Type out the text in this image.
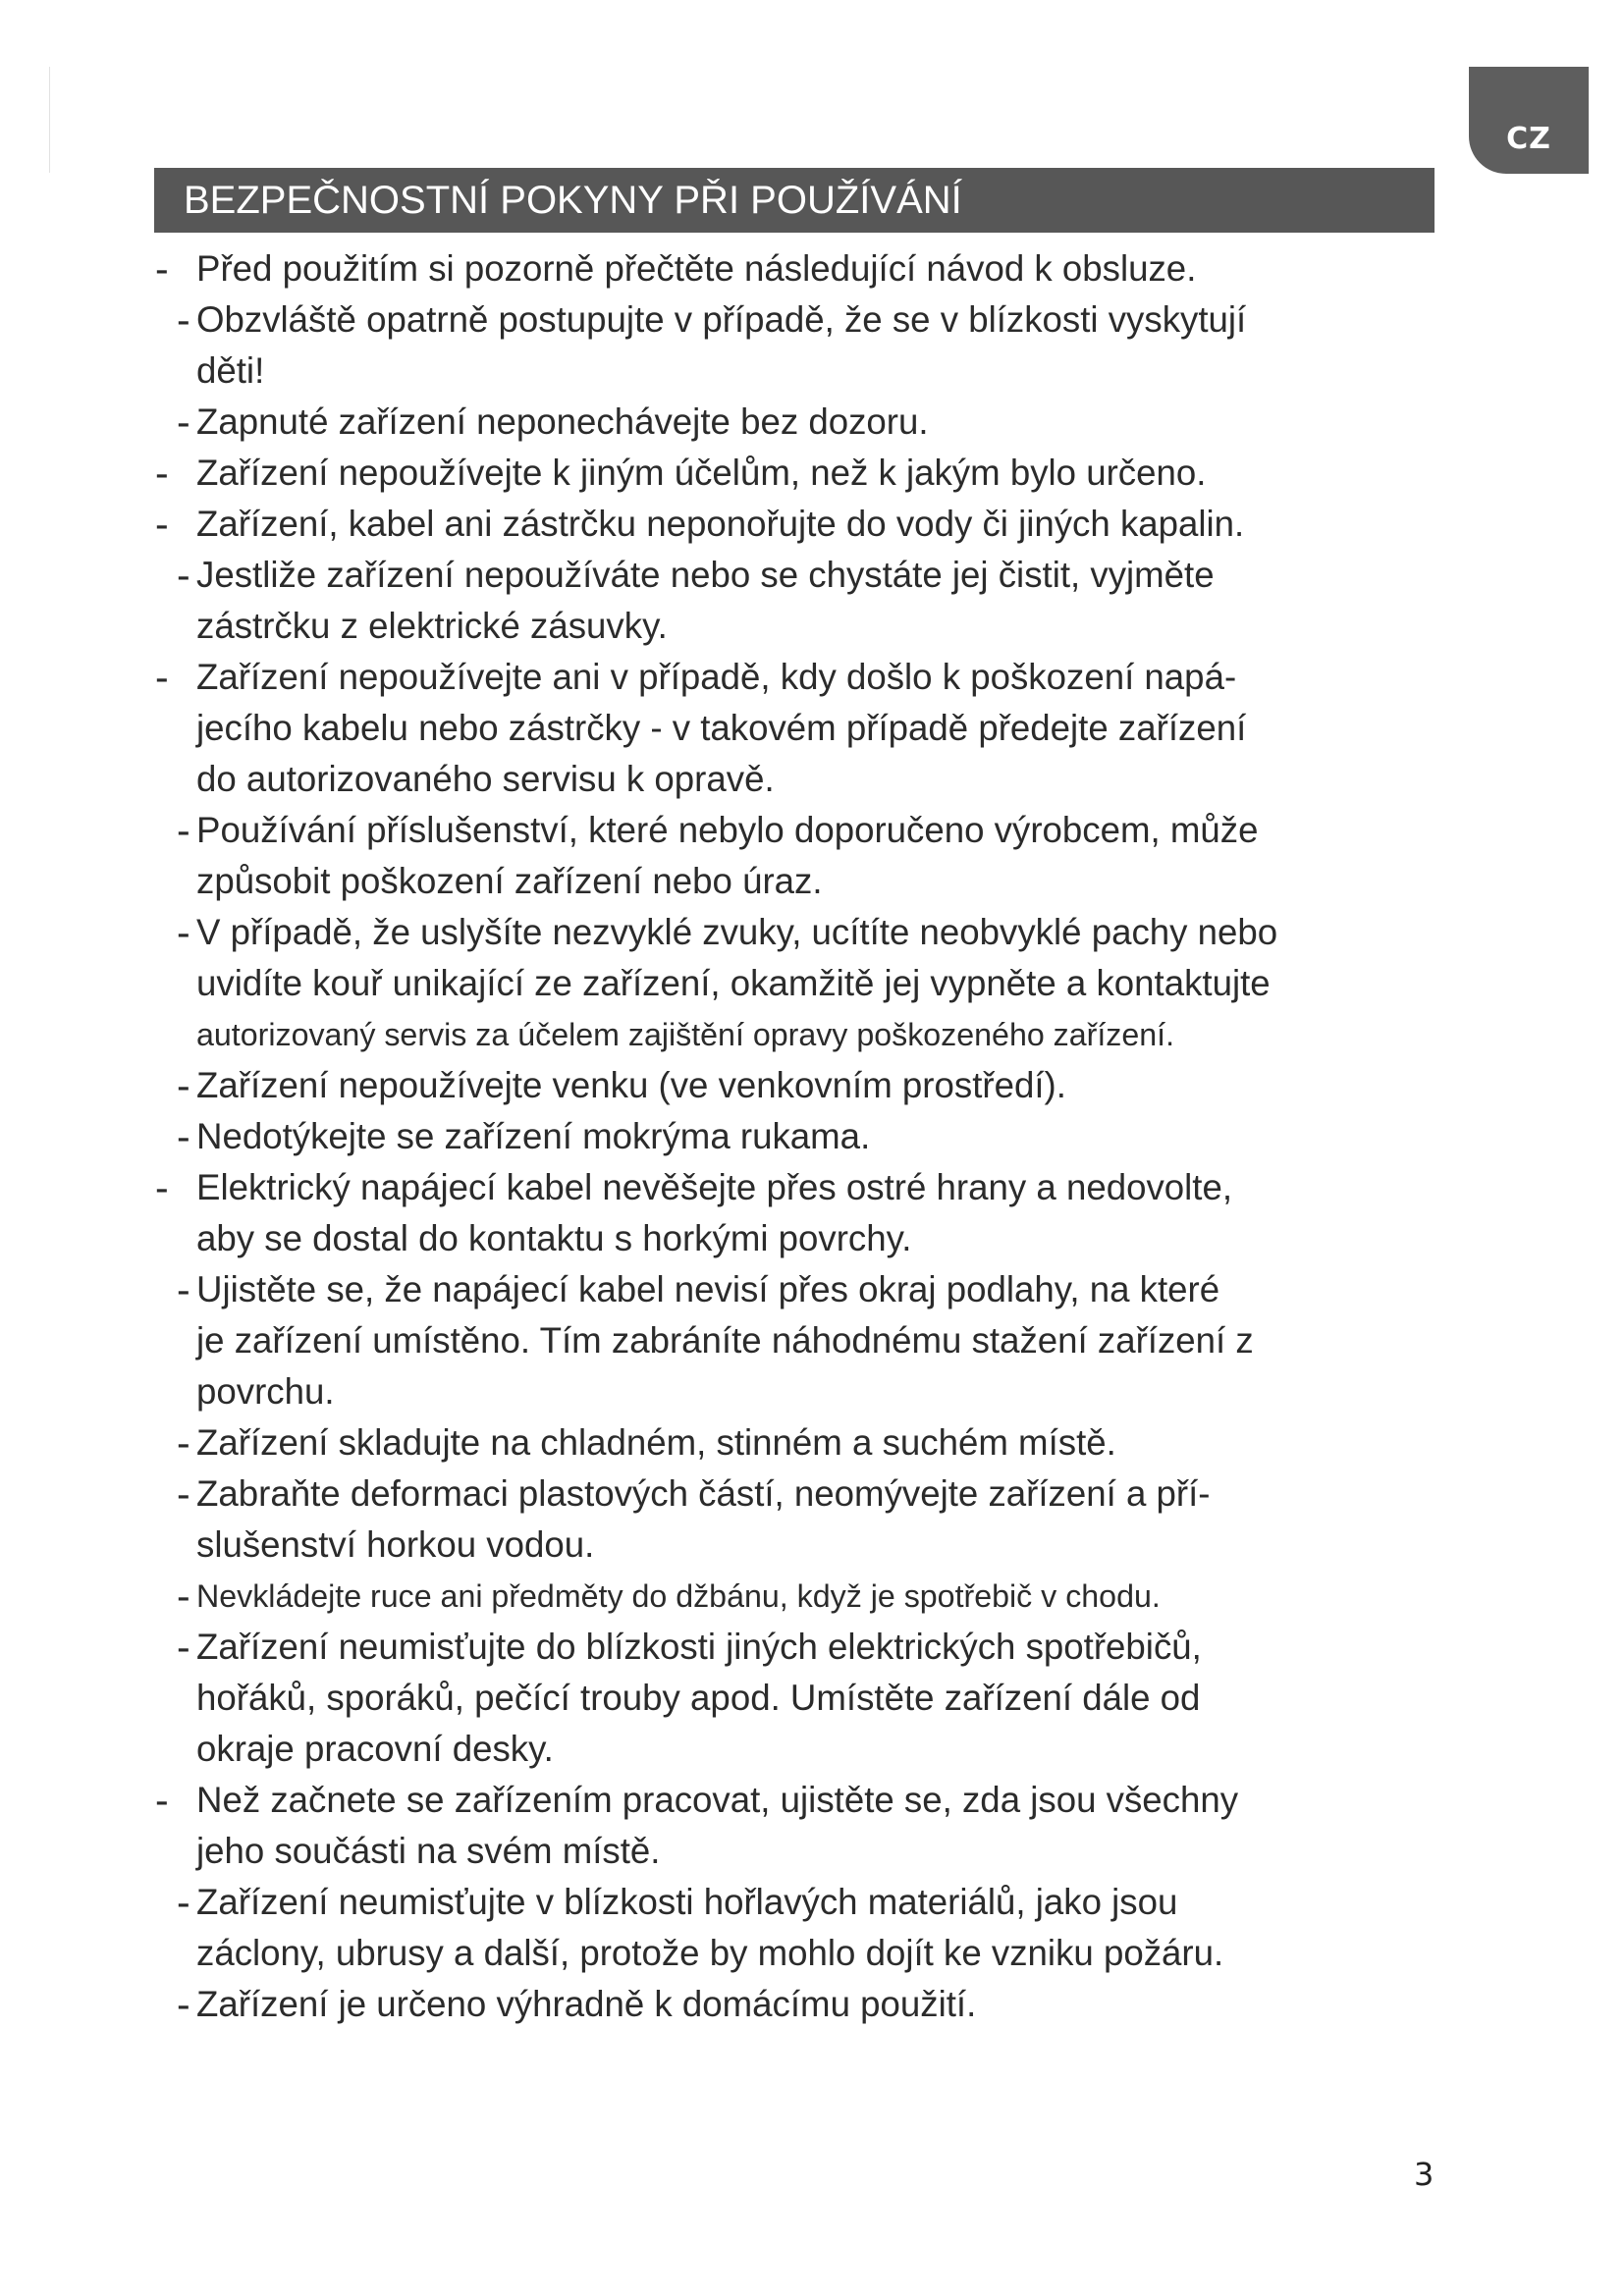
CZ
BEZPEČNOSTNÍ POKYNY PŘI POUŽÍVÁNÍ
- Před použitím si pozorně přečtěte následující návod k obsluze.
- Obzvláště opatrně postupujte v případě, že se v blízkosti vyskytují
děti!
- Zapnuté zařízení neponechávejte bez dozoru.
- Zařízení nepoužívejte k jiným účelům, než k jakým bylo určeno.
- Zařízení, kabel ani zástrčku neponořujte do vody či jiných kapalin.
- Jestliže zařízení nepoužíváte nebo se chystáte jej čistit, vyjměte
zástrčku z elektrické zásuvky.
- Zařízení nepoužívejte ani v případě, kdy došlo k poškození napá-
jecího kabelu nebo zástrčky - v takovém případě předejte zařízení
do autorizovaného servisu k opravě.
- Používání příslušenství, které nebylo doporučeno výrobcem, může
způsobit poškození zařízení nebo úraz.
- V případě, že uslyšíte nezvyklé zvuky, ucítíte neobvyklé pachy nebo
uvidíte kouř unikající ze zařízení, okamžitě jej vypněte a kontaktujte
autorizovaný servis za účelem zajištění opravy poškozeného zařízení.
- Zařízení nepoužívejte venku (ve venkovním prostředí).
- Nedotýkejte se zařízení mokrýma rukama.
- Elektrický napájecí kabel nevěšejte přes ostré hrany a nedovolte,
aby se dostal do kontaktu s horkými povrchy.
- Ujistěte se, že napájecí kabel nevisí přes okraj podlahy, na které
je zařízení umístěno. Tím zabráníte náhodnému stažení zařízení z
povrchu.
- Zařízení skladujte na chladném, stinném a suchém místě.
- Zabraňte deformaci plastových částí, neomývejte zařízení a pří-
slušenství horkou vodou.
- Nevkládejte ruce ani předměty do džbánu, když je spotřebič v chodu.
- Zařízení neumisťujte do blízkosti jiných elektrických spotřebičů,
hořáků, sporáků, pečící trouby apod. Umístěte zařízení dále od
okraje pracovní desky.
- Než začnete se zařízením pracovat, ujistěte se, zda jsou všechny
jeho součásti na svém místě.
- Zařízení neumisťujte v blízkosti hořlavých materiálů, jako jsou
záclony, ubrusy a další, protože by mohlo dojít ke vzniku požáru.
- Zařízení je určeno výhradně k domácímu použití.
3
